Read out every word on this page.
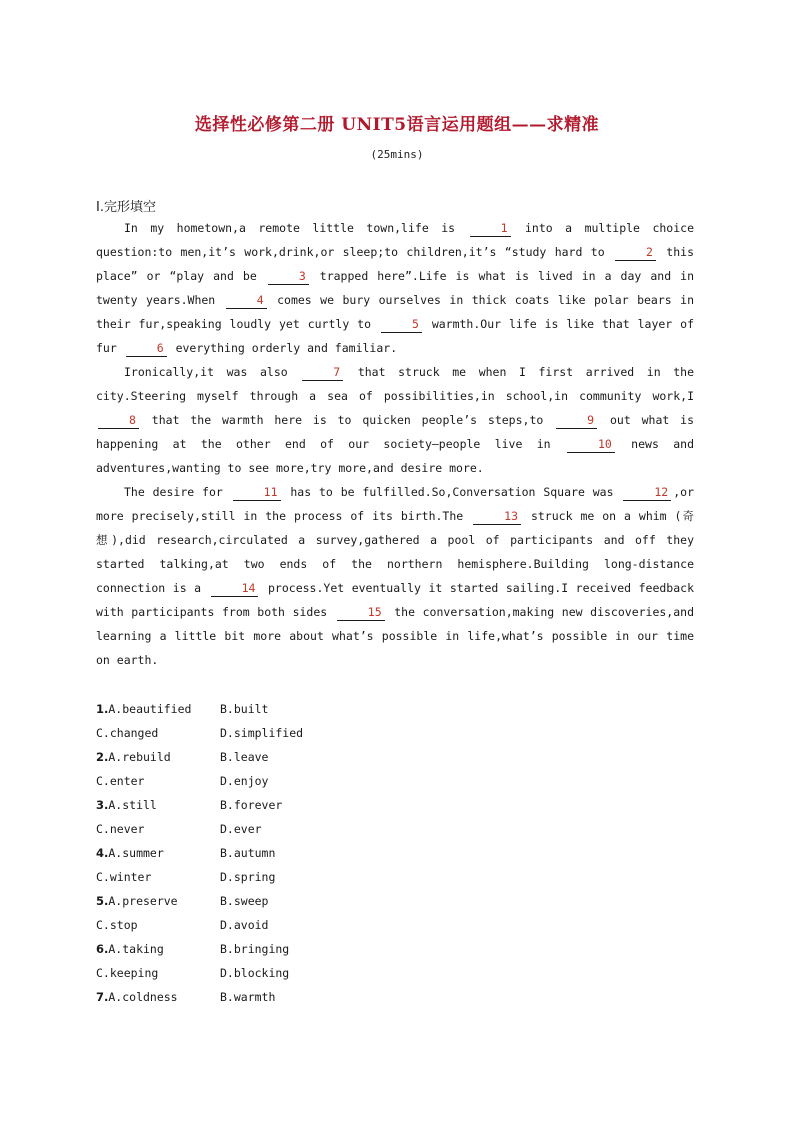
选择性必修第二册 UNIT5语言运用题组——求精准
(25mins)
Ⅰ.完形填空

In my hometown,a remote little town,life is	1 into a multiple choice question:to men,it’s work,drink,or sleep;to children,it’s “study hard to	2 this place” or “play and be	3 trapped here”.Life is what is lived in a day and in twenty years.When	4 comes we bury ourselves in thick coats like polar bears in their fur,speaking loudly yet curtly to	5 warmth.Our life is like that layer of fur	6 everything orderly and familiar.

Ironically,it was also	7 that struck me when I first arrived in the city.Steering myself through a sea of possibilities,in school,in community work,I 8 that the warmth here is to quicken people’s steps,to	9 out what is happening at the other end of our society—people live in	10 news and adventures,wanting to see more,try more,and desire more.

The desire for	11 has to be fulfilled.So,Conversation Square was	12 ,or more precisely,still in the process of its birth.The	13 struck me on a whim (奇想),did research,circulated a survey,gathered a pool of participants and off they started talking,at two ends of the northern hemisphere.Building long-distance connection is a	14 process.Yet eventually it started sailing.I received feedback with participants from both sides	15 the conversation,making new discoveries,and learning a little bit more about what’s possible in life,what’s possible in our time on earth.

1.A.beautified	B.built
C.changed	D.simplified
2.A.rebuild	B.leave
C.enter	D.enjoy
3.A.still	B.forever
C.never	D.ever
4.A.summer	B.autumn
C.winter	D.spring
5.A.preserve	B.sweep
C.stop	D.avoid
6.A.taking	B.bringing
C.keeping	D.blocking
7.A.coldness	B.warmth
